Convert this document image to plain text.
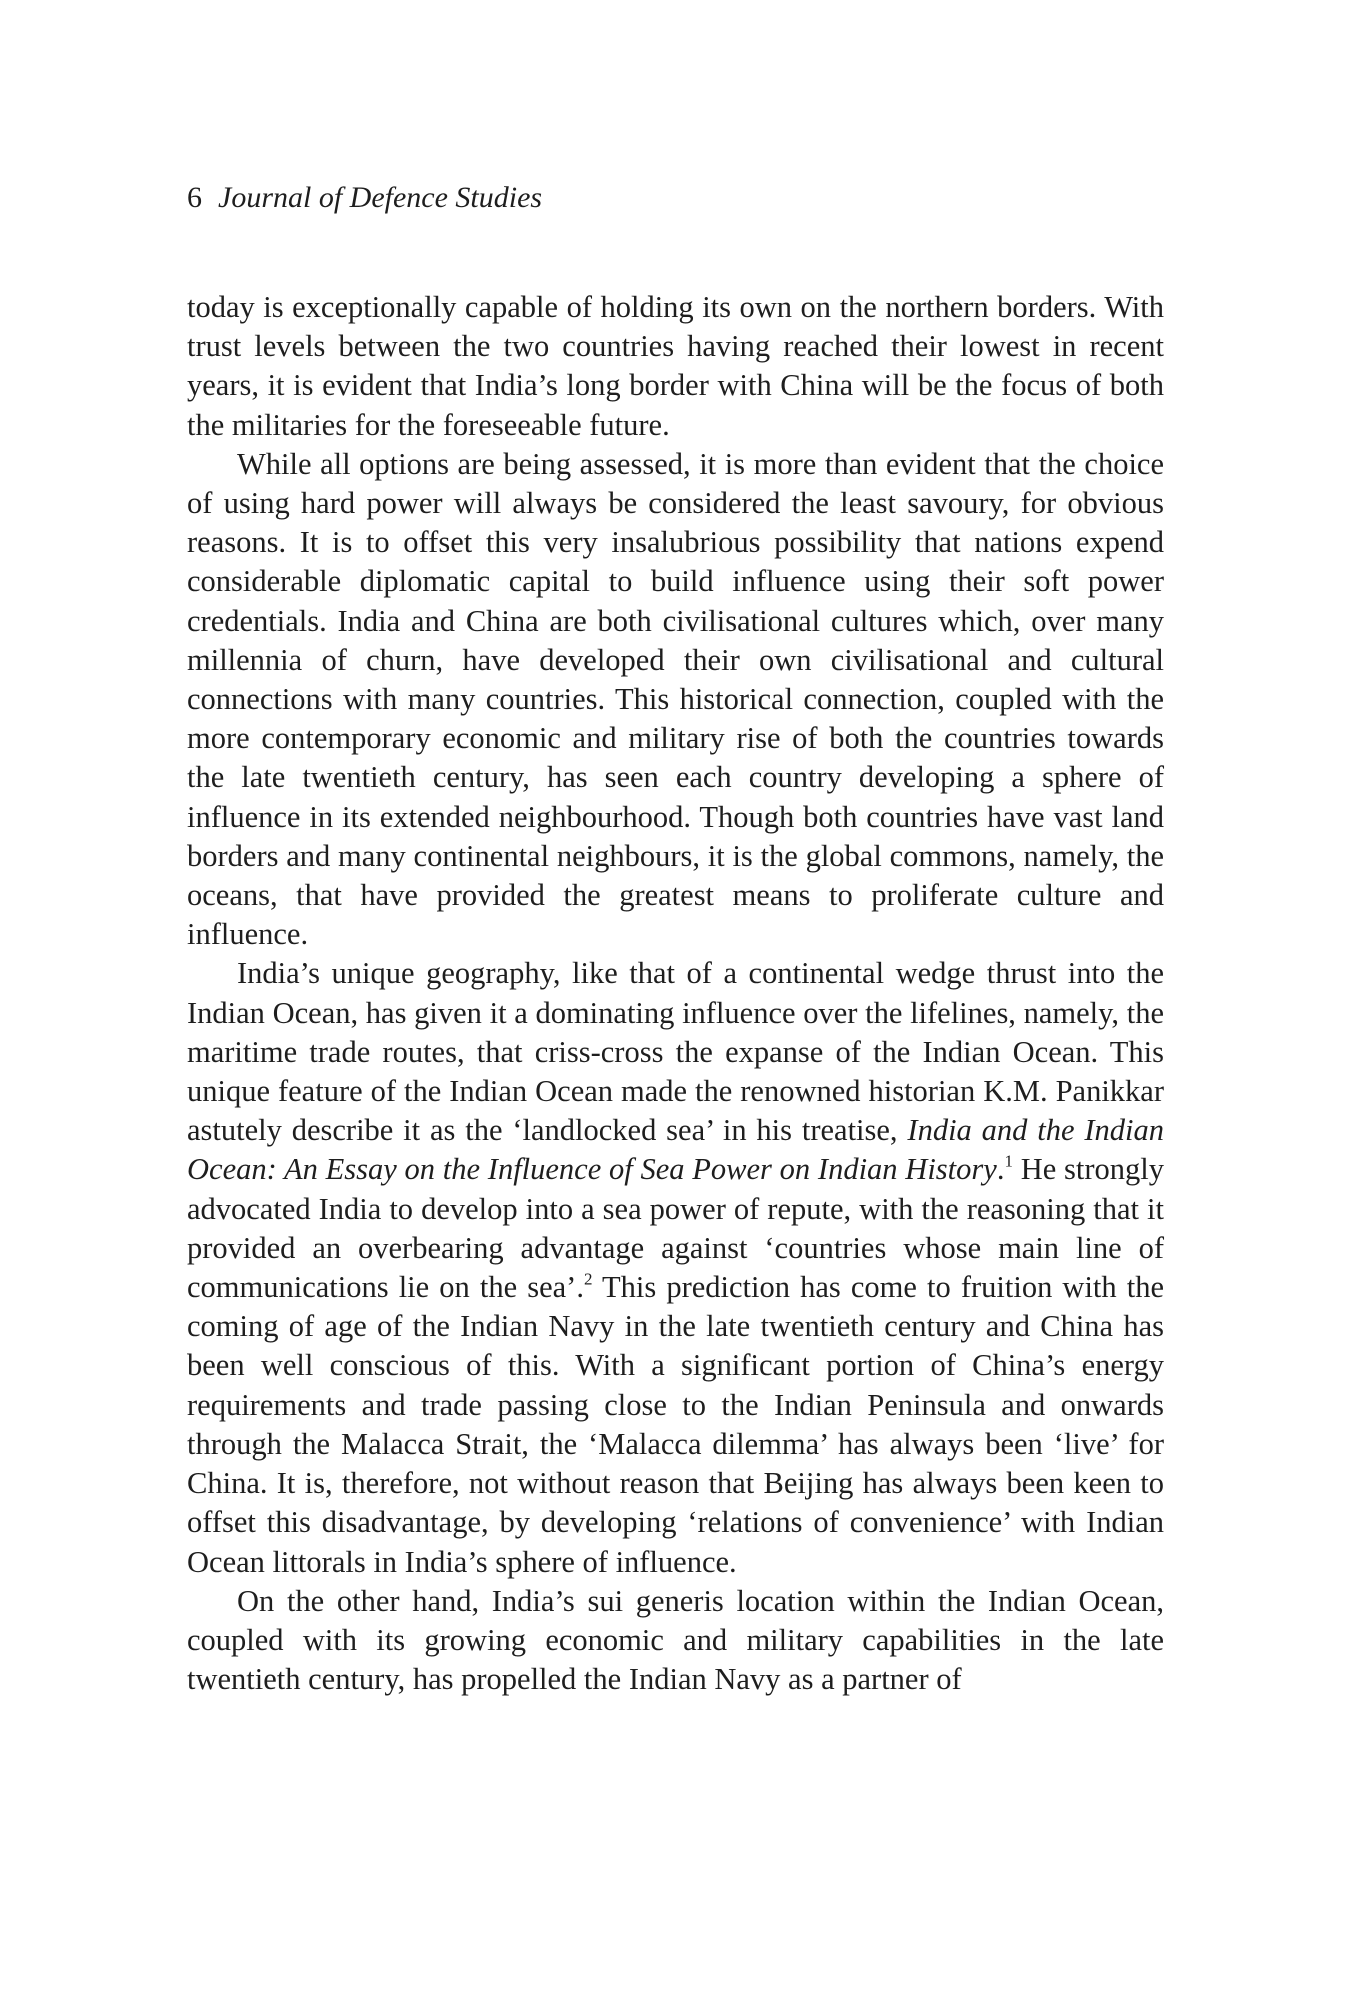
6 Journal of Defence Studies

today is exceptionally capable of holding its own on the northern borders. With trust levels between the two countries having reached their lowest in recent years, it is evident that India’s long border with China will be the focus of both the militaries for the foreseeable future.

While all options are being assessed, it is more than evident that the choice of using hard power will always be considered the least savoury, for obvious reasons. It is to offset this very insalubrious possibility that nations expend considerable diplomatic capital to build influence using their soft power credentials. India and China are both civilisational cultures which, over many millennia of churn, have developed their own civilisational and cultural connections with many countries. This historical connection, coupled with the more contemporary economic and military rise of both the countries towards the late twentieth century, has seen each country developing a sphere of influence in its extended neighbourhood. Though both countries have vast land borders and many continental neighbours, it is the global commons, namely, the oceans, that have provided the greatest means to proliferate culture and influence.

India’s unique geography, like that of a continental wedge thrust into the Indian Ocean, has given it a dominating influence over the lifelines, namely, the maritime trade routes, that criss-cross the expanse of the Indian Ocean. This unique feature of the Indian Ocean made the renowned historian K.M. Panikkar astutely describe it as the ‘landlocked sea’ in his treatise, India and the Indian Ocean: An Essay on the Influence of Sea Power on Indian History.$^1$ He strongly advocated India to develop into a sea power of repute, with the reasoning that it provided an overbearing advantage against ‘countries whose main line of communications lie on the sea’.$^2$ This prediction has come to fruition with the coming of age of the Indian Navy in the late twentieth century and China has been well conscious of this. With a significant portion of China’s energy requirements and trade passing close to the Indian Peninsula and onwards through the Malacca Strait, the ‘Malacca dilemma’ has always been ‘live’ for China. It is, therefore, not without reason that Beijing has always been keen to offset this disadvantage, by developing ‘relations of convenience’ with Indian Ocean littorals in India’s sphere of influence.

On the other hand, India’s sui generis location within the Indian Ocean, coupled with its growing economic and military capabilities in the late twentieth century, has propelled the Indian Navy as a partner of
